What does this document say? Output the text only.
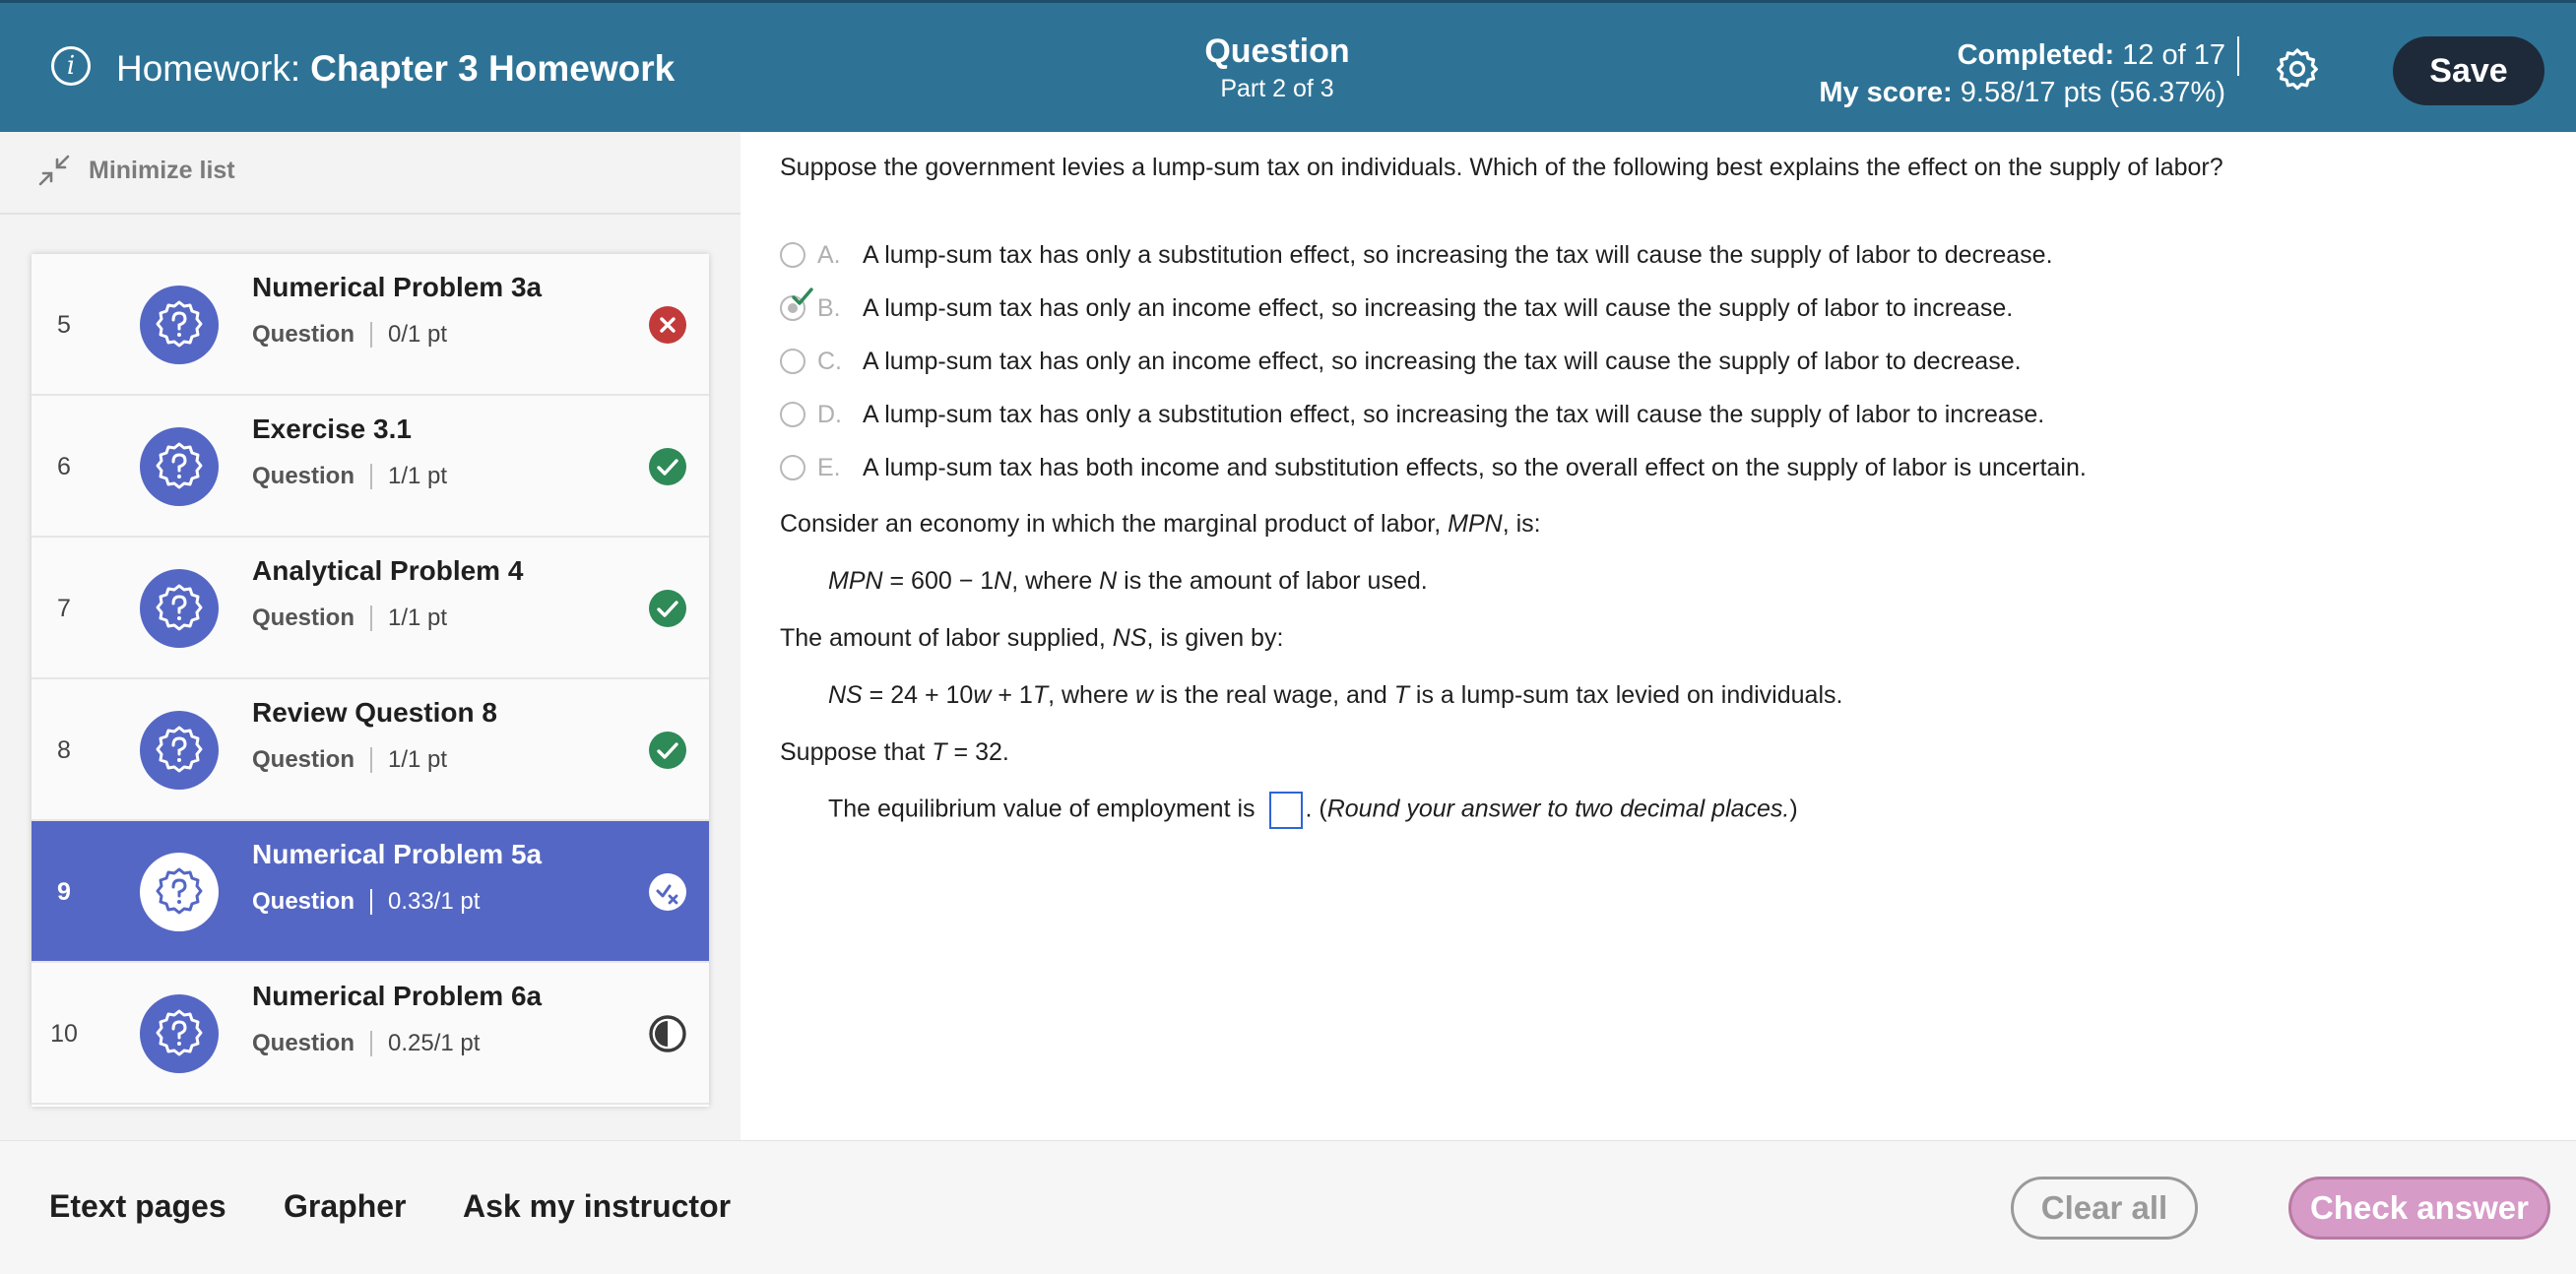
i	Homework: Chapter 3 Homework	Question
Part 2 of 3
Completed: 12 of 17
My score: 9.58/17 pts (56.37%)
Save
Minimize list
5
Numerical Problem 3a
Question 0/1 pt
6
Exercise 3.1
Question 1/1 pt
7
Analytical Problem 4
Question 1/1 pt
8
Review Question 8
Question 1/1 pt
9
Numerical Problem 5a
Question 0.33/1 pt
10
Numerical Problem 6a
Question 0.25/1 pt
Suppose the government levies a lump-sum tax on individuals. Which of the following best explains the effect on the supply of labor?
A. A lump-sum tax has only a substitution effect, so increasing the tax will cause the supply of labor to decrease.
B. A lump-sum tax has only an income effect, so increasing the tax will cause the supply of labor to increase.
C. A lump-sum tax has only an income effect, so increasing the tax will cause the supply of labor to decrease.
D. A lump-sum tax has only a substitution effect, so increasing the tax will cause the supply of labor to increase.
E. A lump-sum tax has both income and substitution effects, so the overall effect on the supply of labor is uncertain.

Consider an economy in which the marginal product of labor, MPN, is:

MPN = 600 − 1N, where N is the amount of labor used.

The amount of labor supplied, NS, is given by:

NS = 24 + 10w + 1T, where w is the real wage, and T is a lump-sum tax levied on individuals.

Suppose that T = 32.

The equilibrium value of employment is . (Round your answer to two decimal places.)

Etext pages Grapher Ask my instructor	Clear all	Check answer
